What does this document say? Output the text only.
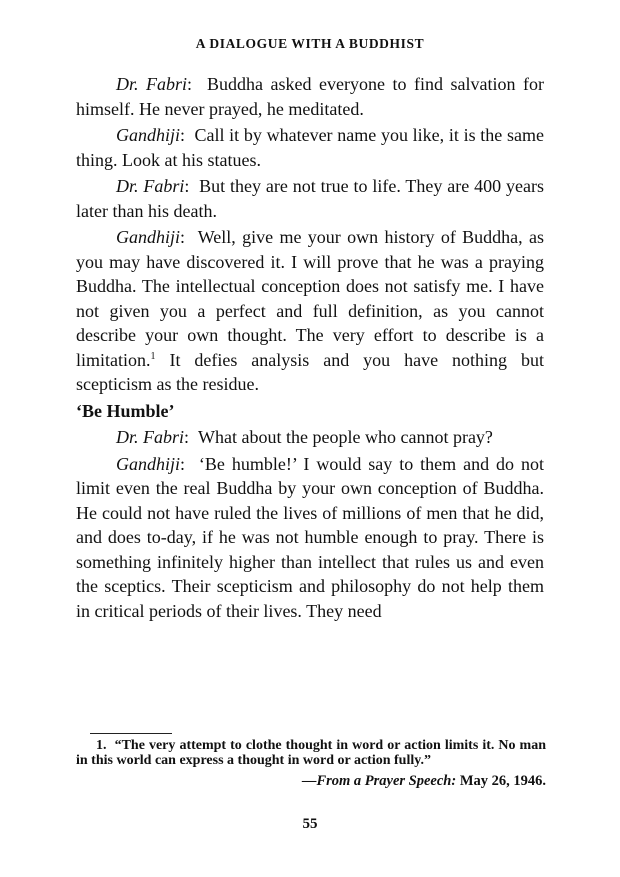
A DIALOGUE WITH A BUDDHIST

Dr. Fabri:  Buddha asked everyone to find salvation for himself. He never prayed, he meditated.

Gandhiji:  Call it by whatever name you like, it is the same thing. Look at his statues.

Dr. Fabri:  But they are not true to life. They are 400 years later than his death.

Gandhiji:  Well, give me your own history of Buddha, as you may have discovered it. I will prove that he was a praying Buddha. The intellectual conception does not satisfy me. I have not given you a perfect and full definition, as you cannot describe your own thought. The very effort to describe is a limitation.$^1$ It defies analysis and you have nothing but scepticism as the residue.

‘Be Humble’

Dr. Fabri:  What about the people who cannot pray?

Gandhiji:  ‘Be humble!’ I would say to them and do not limit even the real Buddha by your own conception of Buddha. He could not have ruled the lives of millions of men that he did, and does to-day, if he was not humble enough to pray. There is something infinitely higher than intellect that rules us and even the sceptics. Their scepticism and philosophy do not help them in critical periods of their lives. They need

1. “The very attempt to clothe thought in word or action limits it. No man in this world can express a thought in word or action fully.”

—From a Prayer Speech: May 26, 1946.
55
